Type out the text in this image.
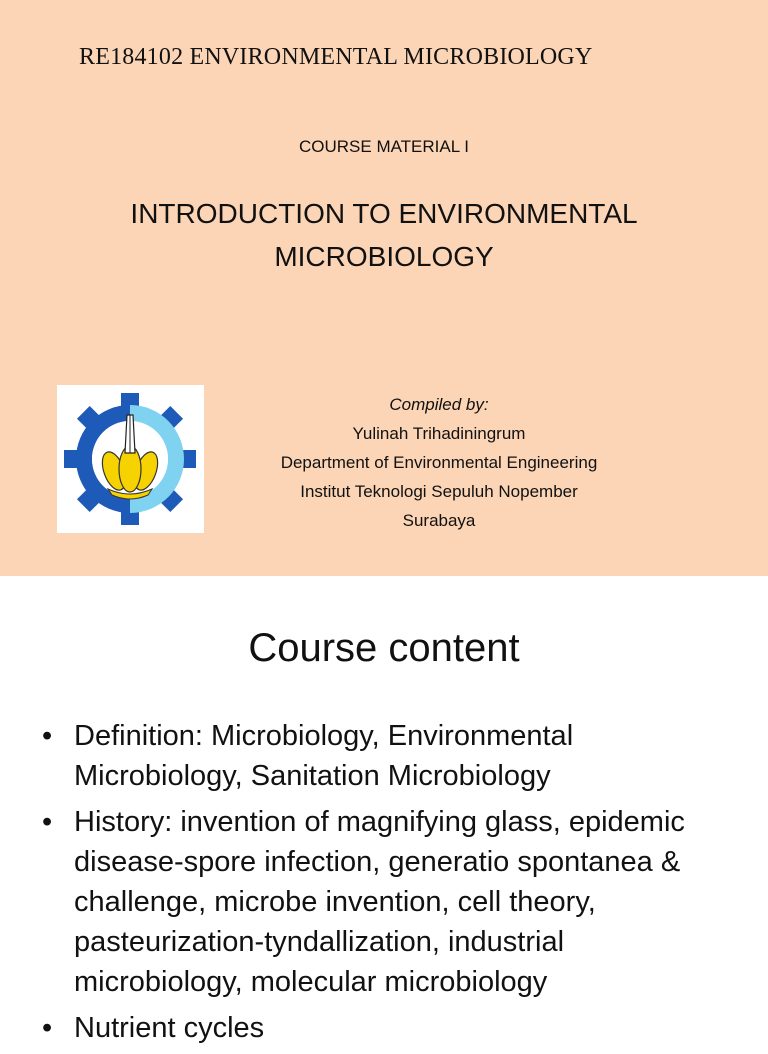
RE184102 ENVIRONMENTAL MICROBIOLOGY
COURSE MATERIAL I
INTRODUCTION TO ENVIRONMENTAL
MICROBIOLOGY
Compiled by:
Yulinah Trihadiningrum
Department of Environmental Engineering
Institut Teknologi Sepuluh Nopember
Surabaya
Course content
• Definition: Microbiology, Environmental
Microbiology, Sanitation Microbiology
• History: invention of magnifying glass, epidemic
disease-spore infection, generatio spontanea &
challenge, microbe invention, cell theory,
pasteurization-tyndallization, industrial
microbiology, molecular microbiology
• Nutrient cycles
